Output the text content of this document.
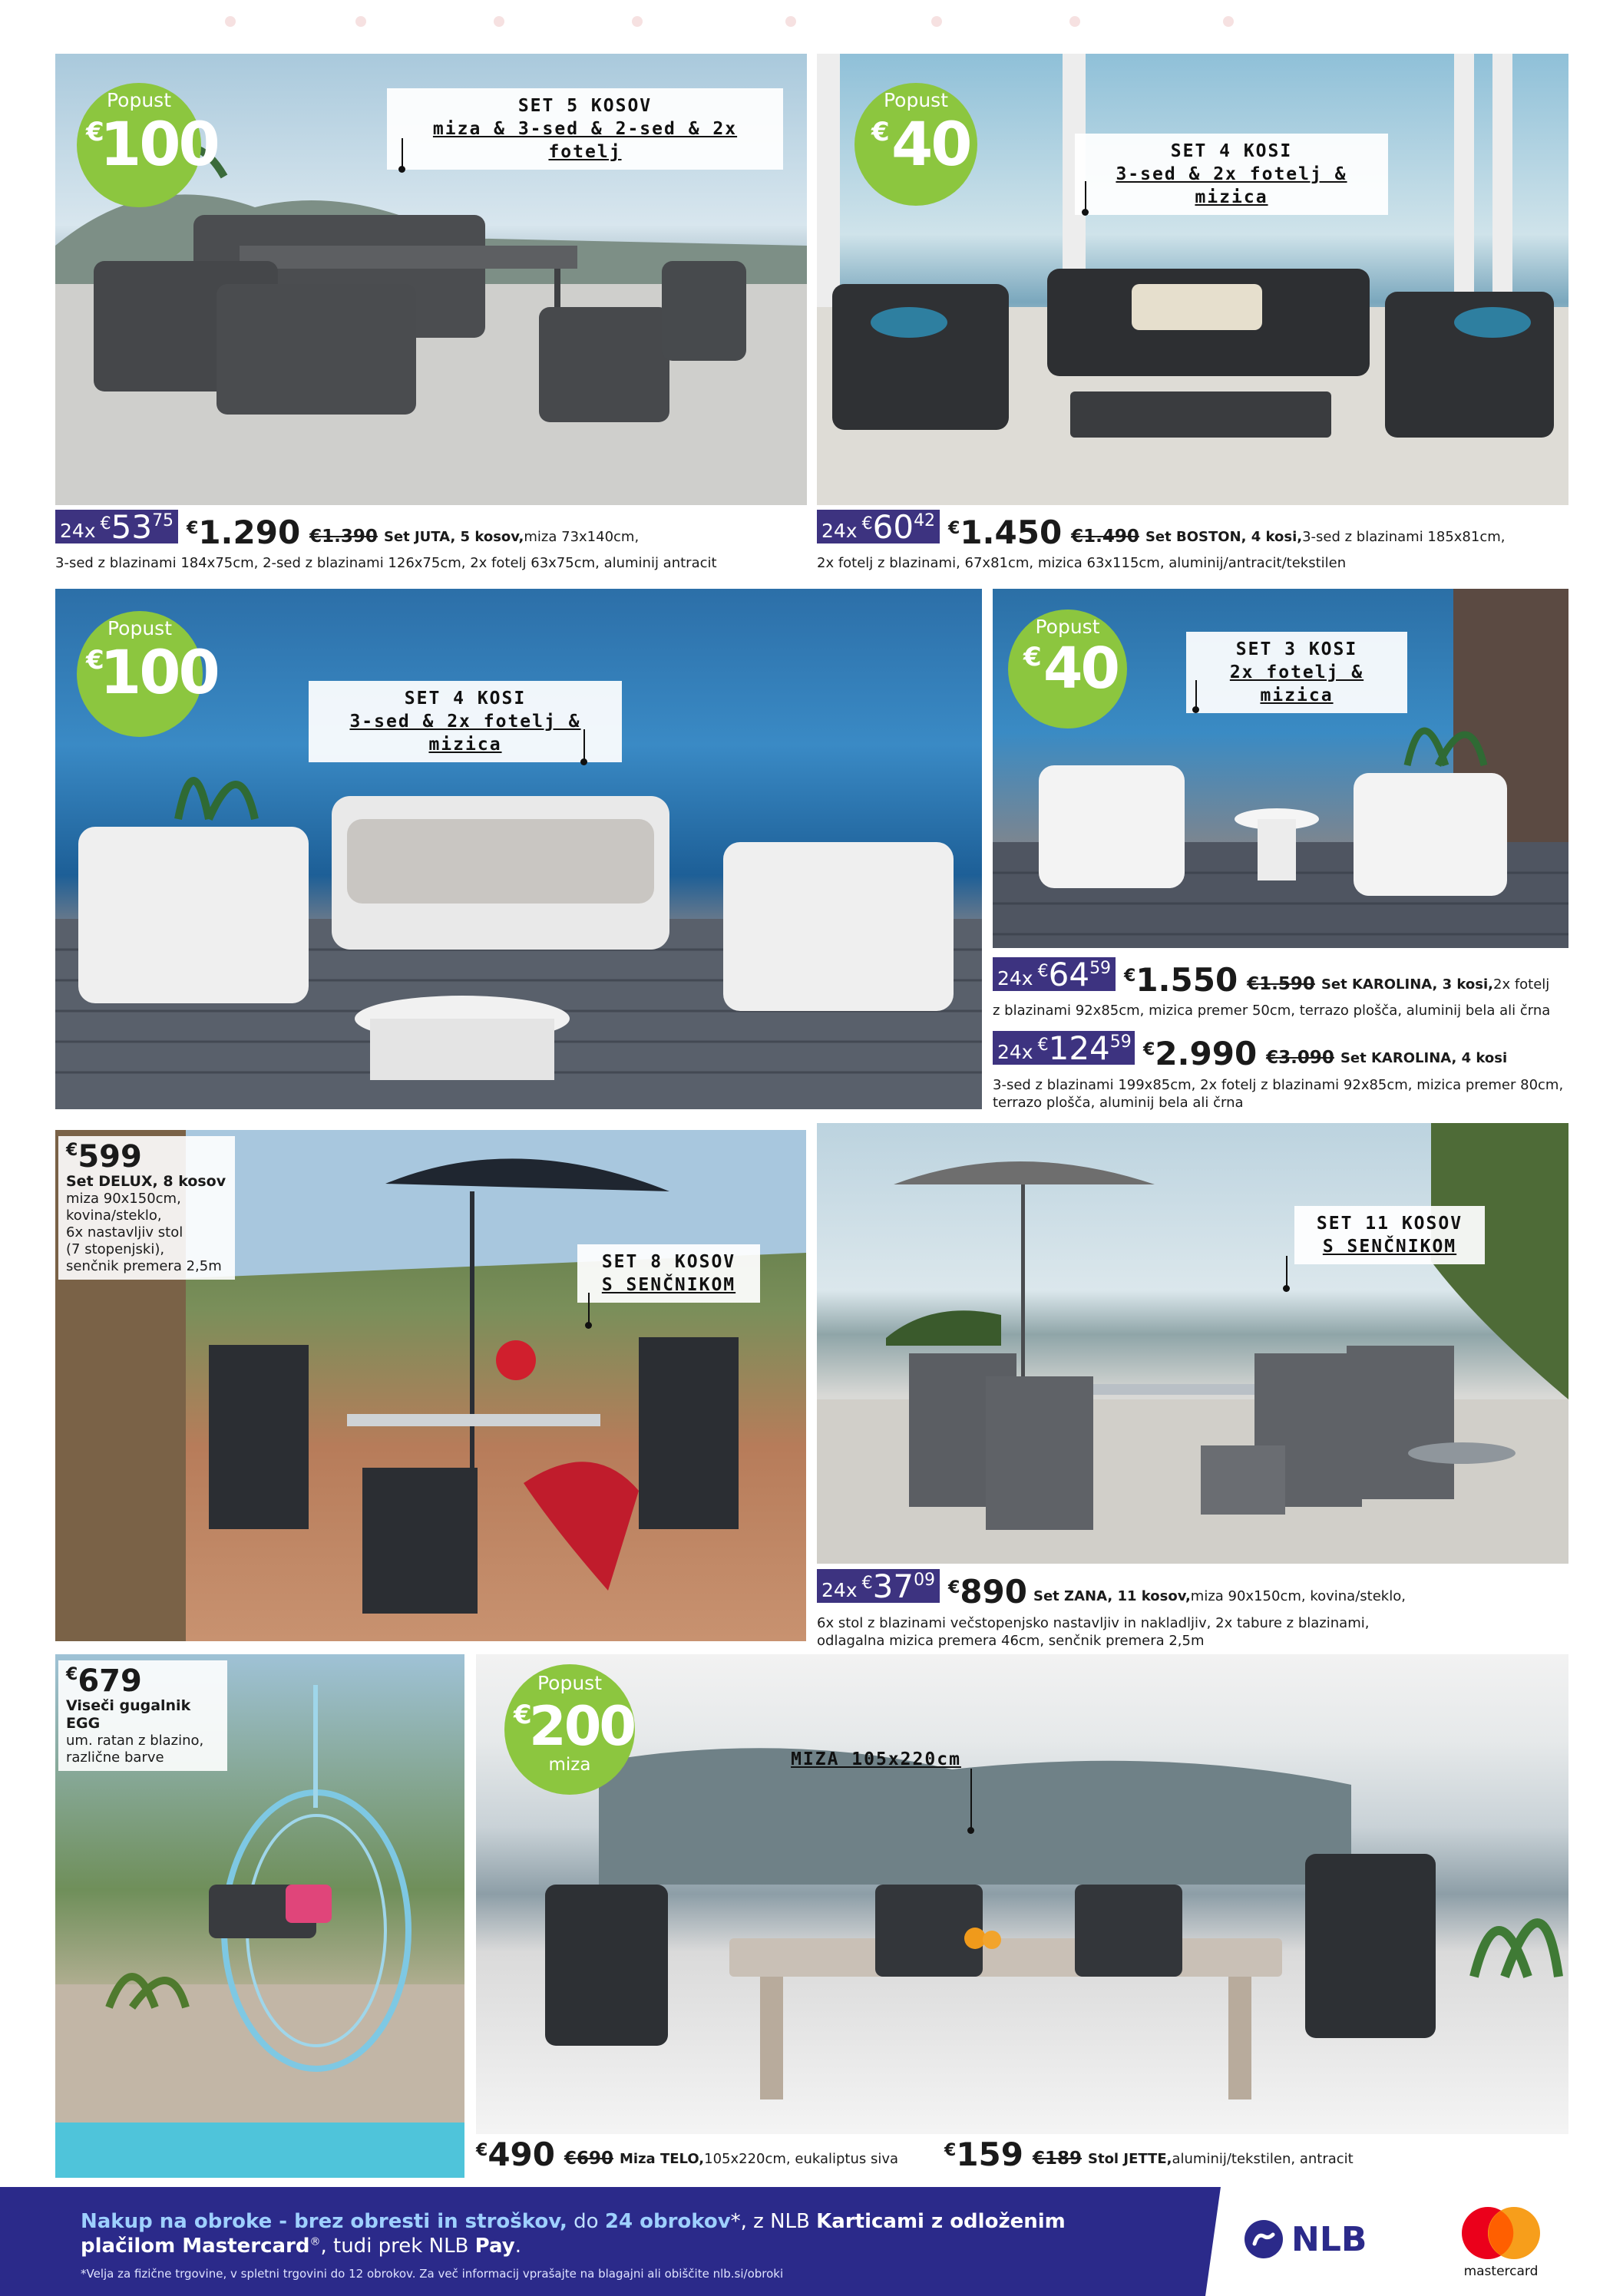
Popust
€
100
SET 5 KOSOV
miza & 3-sed & 2-sed & 2x fotelj
24x € 53 75 € 1.290 €1.390 Set JUTA, 5 kosov, miza 73x140cm,
3-sed z blazinami 184x75cm, 2-sed z blazinami 126x75cm, 2x fotelj 63x75cm, aluminij antracit
Popust
€ 40	SET 4 KOSI
3-sed & 2x fotelj & mizica
24x € 60 42 € 1.450 €1.490 Set BOSTON, 4 kosi, 3-sed z blazinami 185x81cm,
2x fotelj z blazinami, 67x81cm, mizica 63x115cm, aluminij/antracit/tekstilen
Popust
€
100	SET 4 KOSI
3-sed & 2x fotelj & mizica
Popust
€ 40	SET 3 KOSI
2x fotelj & mizica
24x € 64 59 € 1.550 €1.590 Set KAROLINA, 3 kosi, 2x fotelj
z blazinami 92x85cm, mizica premer 50cm, terrazo plošča, aluminij bela ali črna
24x € 124 59 € 2.990 €3.090 Set KAROLINA, 4 kosi
3-sed z blazinami 199x85cm, 2x fotelj z blazinami 92x85cm, mizica premer 80cm,
terrazo plošča, aluminij bela ali črna
€599
Set DELUX, 8 kosov
miza 90x150cm,
kovina/steklo,
6x nastavljiv stol
(7 stopenjski),
senčnik premera 2,5m	SET 8 KOSOV
S SENČNIKOM
SET 11 KOSOV
S SENČNIKOM
24x € 37 09 € 890 Set ZANA, 11 kosov, miza 90x150cm, kovina/steklo,
6x stol z blazinami večstopenjsko nastavljiv in nakladljiv, 2x tabure z blazinami,
odlagalna mizica premera 46cm, senčnik premera 2,5m
€679
Viseči gugalnik EGG
um. ratan z blazino,
različne barve
Popust
€
200
miza	MIZA 105x220cm
€ 490 €690 Miza TELO, 105x220cm, eukaliptus siva	€ 159 €189 Stol JETTE, aluminij/tekstilen, antracit
Nakup na obroke - brez obresti in stroškov, do 24 obrokov*, z NLB Karticami z odloženim
plačilom Mastercard®, tudi prek NLB Pay.
*Velja za fizične trgovine, v spletni trgovini do 12 obrokov. Za več informacij vprašajte na blagajni ali obiščite nlb.si/obroki
NLB
mastercard
